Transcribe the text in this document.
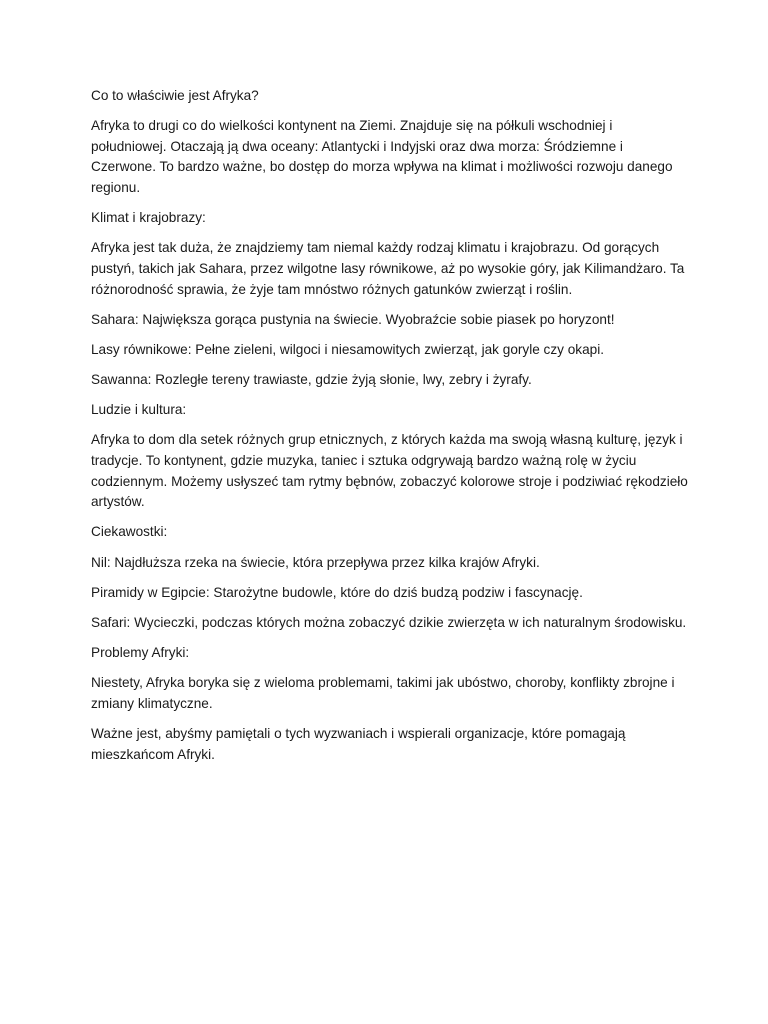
Co to właściwie jest Afryka?

Afryka to drugi co do wielkości kontynent na Ziemi. Znajduje się na półkuli wschodniej i południowej. Otaczają ją dwa oceany: Atlantycki i Indyjski oraz dwa morza: Śródziemne i Czerwone. To bardzo ważne, bo dostęp do morza wpływa na klimat i możliwości rozwoju danego regionu.

Klimat i krajobrazy:

Afryka jest tak duża, że znajdziemy tam niemal każdy rodzaj klimatu i krajobrazu. Od gorących pustyń, takich jak Sahara, przez wilgotne lasy równikowe, aż po wysokie góry, jak Kilimandżaro. Ta różnorodność sprawia, że żyje tam mnóstwo różnych gatunków zwierząt i roślin.

Sahara: Największa gorąca pustynia na świecie. Wyobraźcie sobie piasek po horyzont!

Lasy równikowe: Pełne zieleni, wilgoci i niesamowitych zwierząt, jak goryle czy okapi.

Sawanna: Rozległe tereny trawiaste, gdzie żyją słonie, lwy, zebry i żyrafy.

Ludzie i kultura:

Afryka to dom dla setek różnych grup etnicznych, z których każda ma swoją własną kulturę, język i tradycje. To kontynent, gdzie muzyka, taniec i sztuka odgrywają bardzo ważną rolę w życiu codziennym. Możemy usłyszeć tam rytmy bębnów, zobaczyć kolorowe stroje i podziwiać rękodzieło artystów.

Ciekawostki:

Nil: Najdłuższa rzeka na świecie, która przepływa przez kilka krajów Afryki.

Piramidy w Egipcie: Starożytne budowle, które do dziś budzą podziw i fascynację.

Safari: Wycieczki, podczas których można zobaczyć dzikie zwierzęta w ich naturalnym środowisku.

Problemy Afryki:

Niestety, Afryka boryka się z wieloma problemami, takimi jak ubóstwo, choroby, konflikty zbrojne i zmiany klimatyczne.

Ważne jest, abyśmy pamiętali o tych wyzwaniach i wspierali organizacje, które pomagają mieszkańcom Afryki.
